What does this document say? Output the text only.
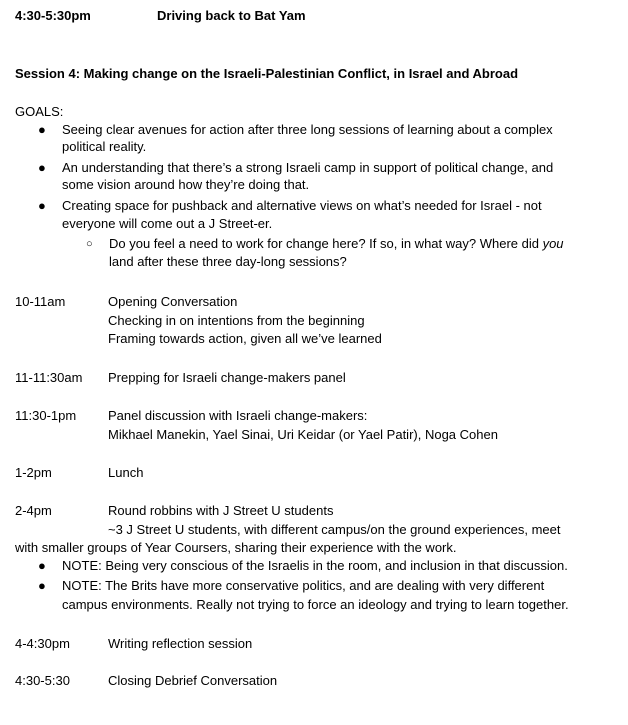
4:30-5:30pm	Driving back to Bat Yam
Session 4: Making change on the Israeli-Palestinian Conflict, in Israel and Abroad
GOALS:
● Seeing clear avenues for action after three long sessions of learning about a complex
political reality.
● An understanding that there’s a strong Israeli camp in support of political change, and
some vision around how they’re doing that.
● Creating space for pushback and alternative views on what’s needed for Israel - not
everyone will come out a J Street-er.
○ Do you feel a need to work for change here? If so, in what way? Where did you
land after these three day-long sessions?
10-11am	Opening Conversation
Checking in on intentions from the beginning
Framing towards action, given all we’ve learned
11-11:30am Prepping for Israeli change-makers panel
11:30-1pm Panel discussion with Israeli change-makers:
Mikhael Manekin, Yael Sinai, Uri Keidar (or Yael Patir), Noga Cohen
1-2pm	Lunch
2-4pm	Round robbins with J Street U students
~3 J Street U students, with different campus/on the ground experiences, meet
with smaller groups of Year Coursers, sharing their experience with the work.
● NOTE: Being very conscious of the Israelis in the room, and inclusion in that discussion.
● NOTE: The Brits have more conservative politics, and are dealing with very different
campus environments. Really not trying to force an ideology and trying to learn together.
4-4:30pm	Writing reflection session
4:30-5:30	Closing Debrief Conversation
